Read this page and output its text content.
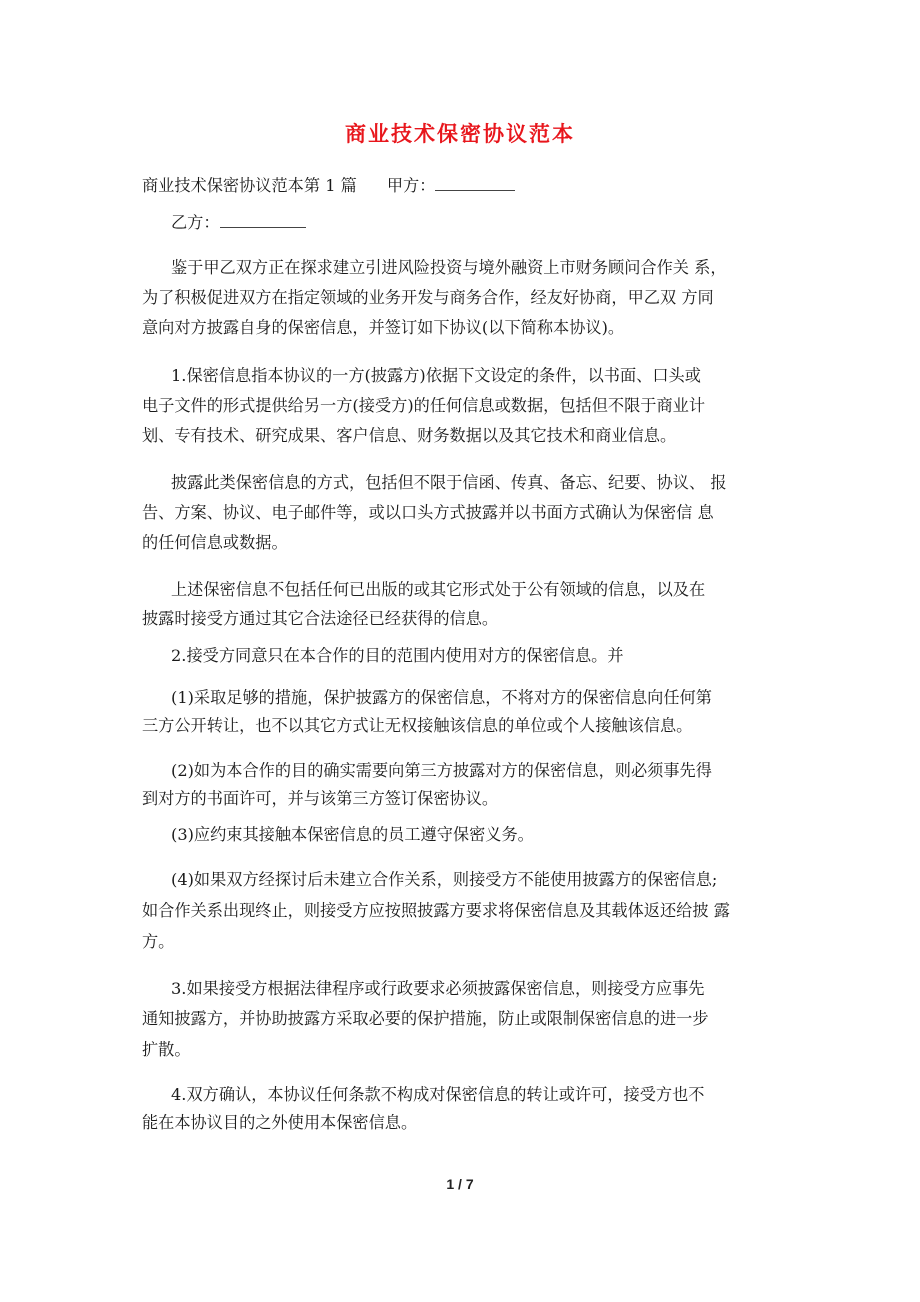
商业技术保密协议范本
商业技术保密协议范本第 1 篇 甲方：
乙方：
鉴于甲乙双方正在探求建立引进风险投资与境外融资上市财务顾问合作关 系，
为了积极促进双方在指定领域的业务开发与商务合作，经友好协商，甲乙双 方同
意向对方披露自身的保密信息，并签订如下协议(以下简称本协议)。
1.保密信息指本协议的一方(披露方)依据下文设定的条件，以书面、口头或
电子文件的形式提供给另一方(接受方)的任何信息或数据，包括但不限于商业计
划、专有技术、研究成果、客户信息、财务数据以及其它技术和商业信息。
披露此类保密信息的方式，包括但不限于信函、传真、备忘、纪要、协议、 报
告、方案、协议、电子邮件等，或以口头方式披露并以书面方式确认为保密信 息
的任何信息或数据。
上述保密信息不包括任何已出版的或其它形式处于公有领域的信息，以及在
披露时接受方通过其它合法途径已经获得的信息。
2.接受方同意只在本合作的目的范围内使用对方的保密信息。并
(1)采取足够的措施，保护披露方的保密信息，不将对方的保密信息向任何第
三方公开转让，也不以其它方式让无权接触该信息的单位或个人接触该信息。
(2)如为本合作的目的确实需要向第三方披露对方的保密信息，则必须事先得
到对方的书面许可，并与该第三方签订保密协议。
(3)应约束其接触本保密信息的员工遵守保密义务。
(4)如果双方经探讨后未建立合作关系，则接受方不能使用披露方的保密信息;
如合作关系出现终止，则接受方应按照披露方要求将保密信息及其载体返还给披 露
方。
3.如果接受方根据法律程序或行政要求必须披露保密信息，则接受方应事先
通知披露方，并协助披露方采取必要的保护措施，防止或限制保密信息的进一步
扩散。
4.双方确认，本协议任何条款不构成对保密信息的转让或许可，接受方也不
能在本协议目的之外使用本保密信息。
1 / 7
